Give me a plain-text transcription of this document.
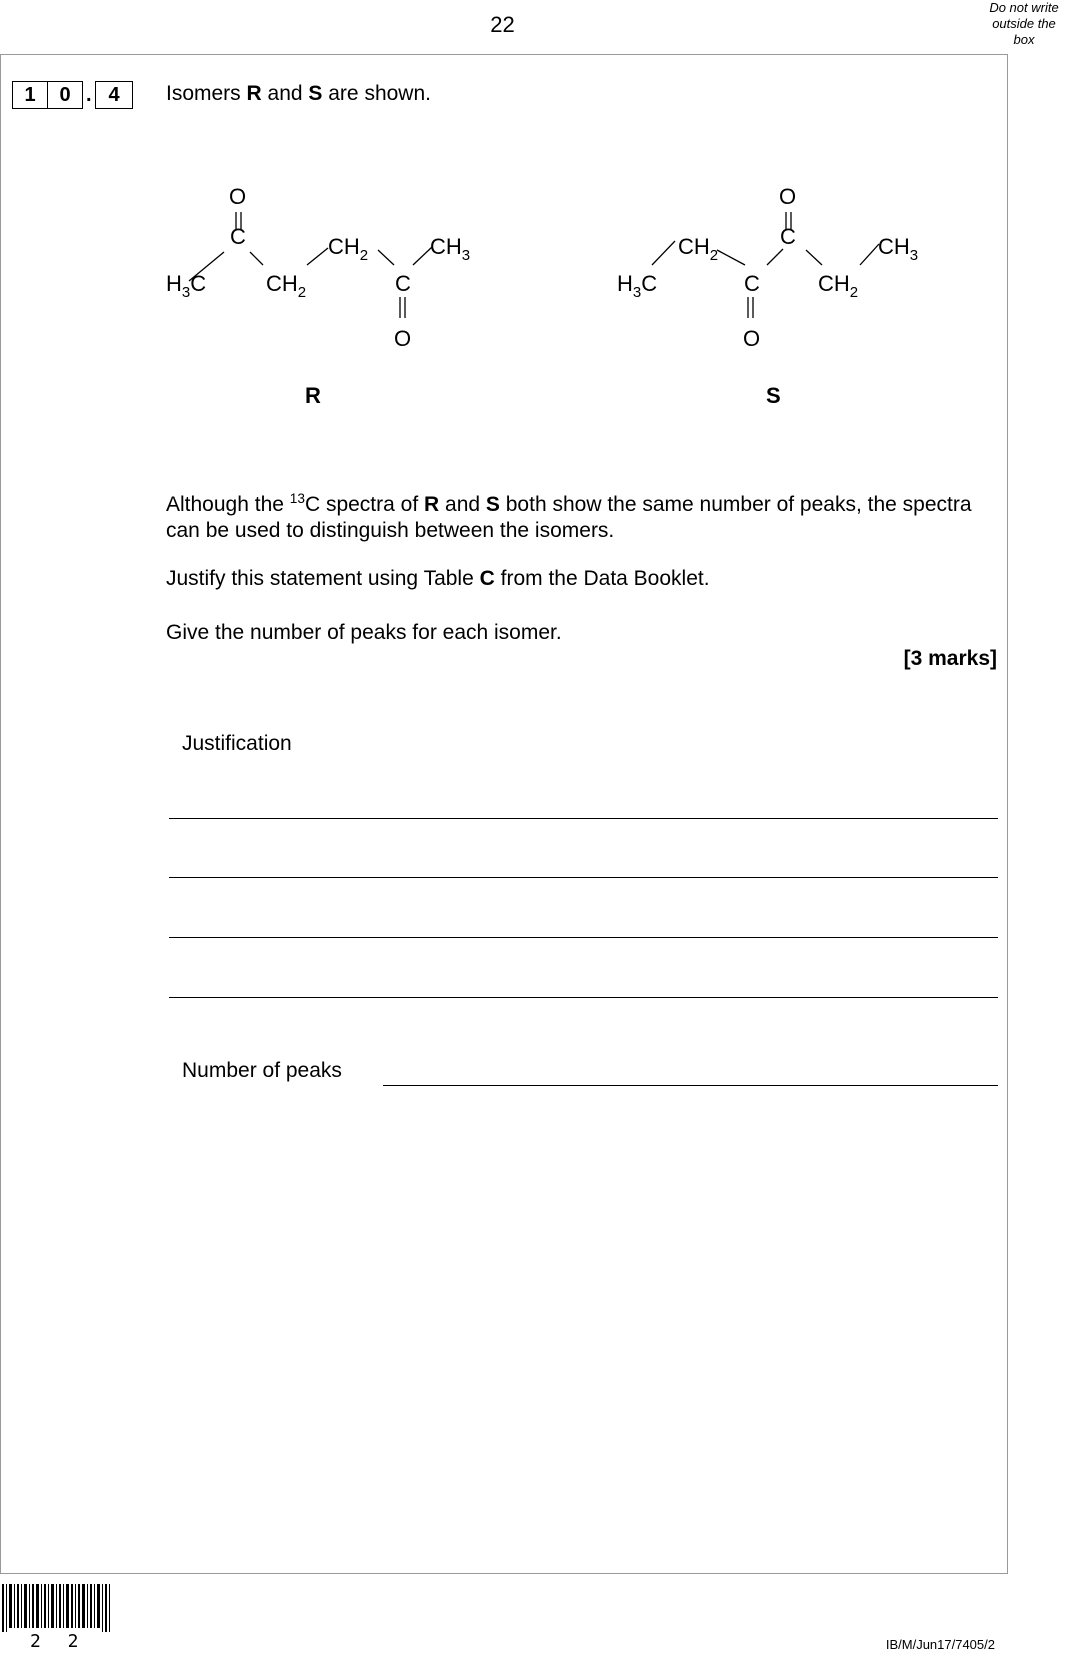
22
Do not write
outside the
box
1	0 . 4	Isomers R and S are shown.
O
C
$H_3C$	$CH_2$
$CH_2$
C
O
$CH_3$
$H_3C$
$CH_2$
C
O
O
C
$CH_2$
$CH_3$
R	S
Although the $^{13}$C spectra of R and S both show the same number of peaks, the spectra can be used to distinguish between the isomers.
Justify this statement using Table C from the Data Booklet.
Give the number of peaks for each isomer.
[3 marks]
Justification
Number of peaks
2 2	IB/M/Jun17/7405/2
